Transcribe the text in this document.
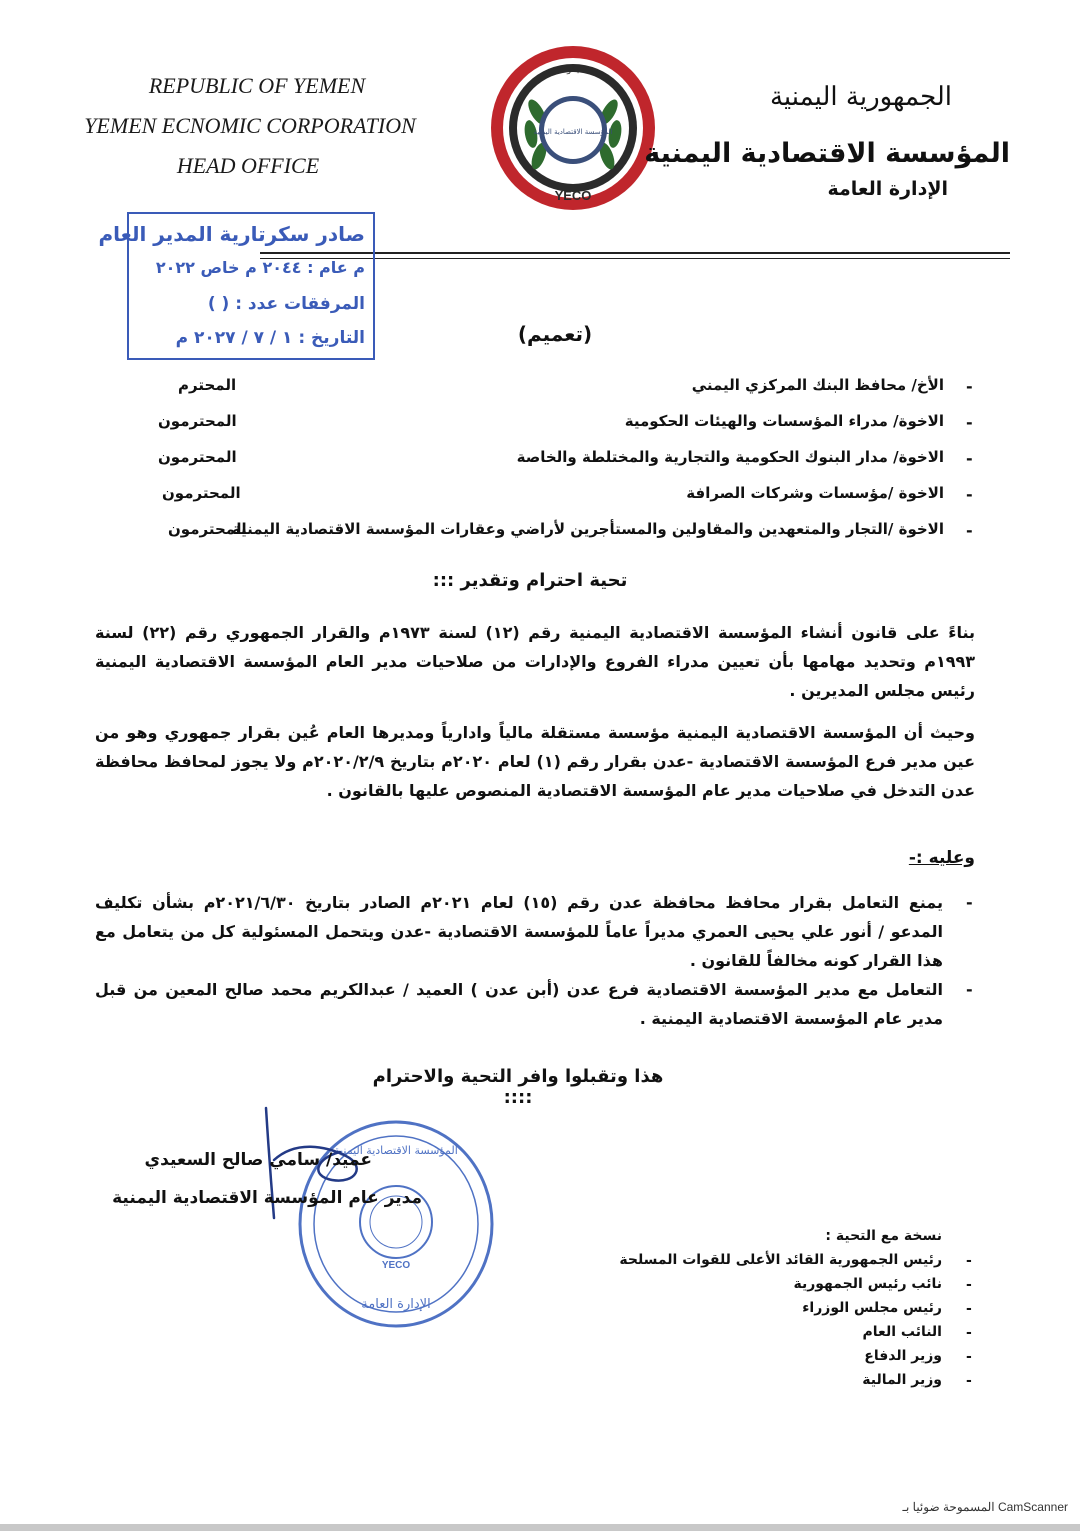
REPUBLIC OF YEMEN
YEMEN ECNOMIC CORPORATION
HEAD OFFICE
YECO
يكو
المؤسسة الاقتصادية اليمنية
الجمهورية اليمنية
المؤسسة الاقتصادية اليمنية
الإدارة العامة
صادر سكرتارية المدير العام
م عام : ٢٠٤٤ م خاص ٢٠٢٢
المرفقات عدد : ( )
التاريخ : ١ / ٧ / ٢٠٢٧ م	(تعميم)
الأخ/ محافظ البنك المركزي اليمني
المحترم	-
الاخوة/ مدراء المؤسسات والهيئات الحكومية
المحترمون	-
الاخوة/ مدار البنوك الحكومية والتجارية والمختلطة والخاصة
المحترمون	-
الاخوة /مؤسسات وشركات الصرافة
المحترمون	-
الاخوة /التجار والمتعهدين والمقاولين والمستأجرين لأراضي وعقارات المؤسسة الاقتصادية اليمنية
المحترمون	-
تحية احترام وتقدير :::
بناءً على قانون أنشاء المؤسسة الاقتصادية اليمنية رقم (١٢) لسنة ١٩٧٣م والقرار الجمهوري رقم (٢٢) لسنة ١٩٩٣م وتحديد مهامها بأن تعيين مدراء الفروع والإدارات من صلاحيات مدير العام المؤسسة الاقتصادية اليمنية رئيس مجلس المديرين .
وحيث أن المؤسسة الاقتصادية اليمنية مؤسسة مستقلة مالياً وادارياً ومديرها العام عُين بقرار جمهوري وهو من عين مدير فرع المؤسسة الاقتصادية -عدن بقرار رقم (١) لعام ٢٠٢٠م بتاريخ ٢٠٢٠/٢/٩م ولا يجوز لمحافظ محافظة عدن التدخل في صلاحيات مدير عام المؤسسة الاقتصادية المنصوص عليها بالقانون .
وعليه :-
-
يمنع التعامل بقرار محافظ محافظة عدن رقم (١٥) لعام ٢٠٢١م الصادر بتاريخ ٢٠٢١/٦/٣٠م بشأن تكليف المدعو / أنور علي يحيى العمري مديراً عاماً للمؤسسة الاقتصادية -عدن ويتحمل المسئولية كل من يتعامل مع هذا القرار كونه مخالفاً للقانون .
-
التعامل مع مدير المؤسسة الاقتصادية فرع عدن (أبن عدن ) العميد / عبدالكريم محمد صالح المعين من قبل مدير عام المؤسسة الاقتصادية اليمنية .
هذا وتقبلوا وافر التحية والاحترام ::::
YECO
المؤسسة الاقتصادية اليمنية
الإدارة العامة
عميد/ سامي صالح السعيدي
مدير عام المؤسسة الاقتصادية اليمنية
نسخة مع التحية :
رئيس الجمهورية القائد الأعلى للقوات المسلحة -
نائب رئيس الجمهورية -
رئيس مجلس الوزراء -
النائب العام -
وزير الدفاع -
وزير المالية -
المسموحة ضوئيا بـ CamScanner
